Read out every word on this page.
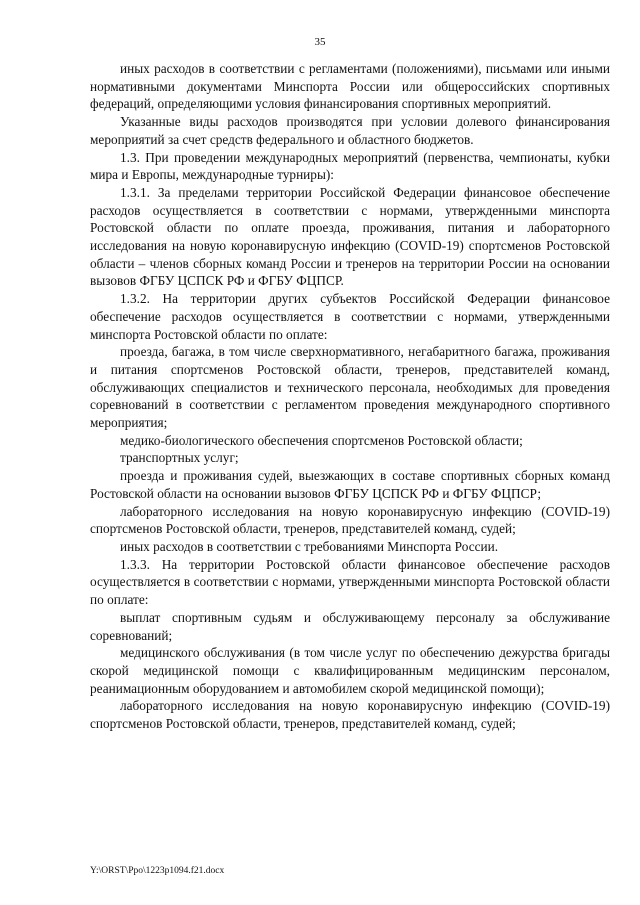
35

иных расходов в соответствии с регламентами (положениями), письмами или иными нормативными документами Минспорта России или общероссийских спортивных федераций, определяющими условия финансирования спортивных мероприятий.

Указанные виды расходов производятся при условии долевого финансирования мероприятий за счет средств федерального и областного бюджетов.

1.3. При проведении международных мероприятий (первенства, чемпионаты, кубки мира и Европы, международные турниры):

1.3.1. За пределами территории Российской Федерации финансовое обеспечение расходов осуществляется в соответствии с нормами, утвержденными минспорта Ростовской области по оплате проезда, проживания, питания и лабораторного исследования на новую коронавирусную инфекцию (COVID-19) спортсменов Ростовской области – членов сборных команд России и тренеров на территории России на основании вызовов ФГБУ ЦСПСК РФ и ФГБУ ФЦПСР.

1.3.2. На территории других субъектов Российской Федерации финансовое обеспечение расходов осуществляется в соответствии с нормами, утвержденными минспорта Ростовской области по оплате:

проезда, багажа, в том числе сверхнормативного, негабаритного багажа, проживания и питания спортсменов Ростовской области, тренеров, представителей команд, обслуживающих специалистов и технического персонала, необходимых для проведения соревнований в соответствии с регламентом проведения международного спортивного мероприятия;

медико-биологического обеспечения спортсменов Ростовской области;

транспортных услуг;

проезда и проживания судей, выезжающих в составе спортивных сборных команд Ростовской области на основании вызовов ФГБУ ЦСПСК РФ и ФГБУ ФЦПСР;

лабораторного исследования на новую коронавирусную инфекцию (COVID-19) спортсменов Ростовской области, тренеров, представителей команд, судей;

иных расходов в соответствии с требованиями Минспорта России.

1.3.3. На территории Ростовской области финансовое обеспечение расходов осуществляется в соответствии с нормами, утвержденными минспорта Ростовской области по оплате:

выплат спортивным судьям и обслуживающему персоналу за обслуживание соревнований;

медицинского обслуживания (в том числе услуг по обеспечению дежурства бригады скорой медицинской помощи с квалифицированным медицинским персоналом, реанимационным оборудованием и автомобилем скорой медицинской помощи);

лабораторного исследования на новую коронавирусную инфекцию (COVID-19) спортсменов Ростовской области, тренеров, представителей команд, судей;

Y:\ORST\Ppo\1223p1094.f21.docx
